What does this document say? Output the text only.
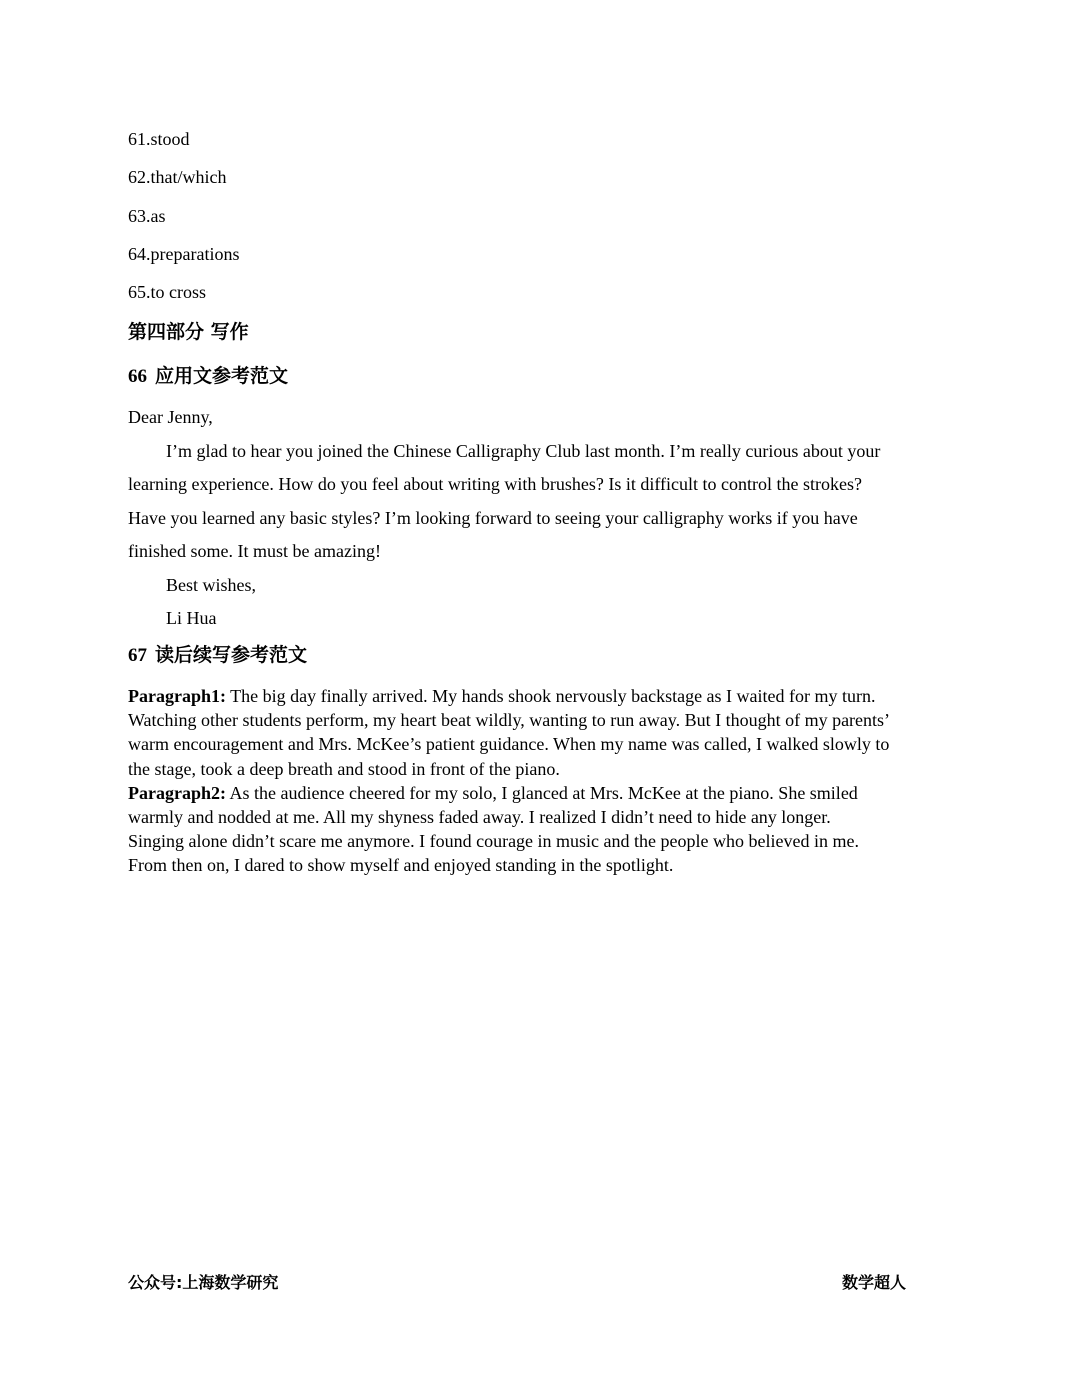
61.stood
62.that/which
63.as
64.preparations
65.to cross
第四部分 写作
66 应用文参考范文

Dear Jenny,

I’m glad to hear you joined the Chinese Calligraphy Club last month. I’m really curious about your

learning experience. How do you feel about writing with brushes? Is it difficult to control the strokes?

Have you learned any basic styles? I’m looking forward to seeing your calligraphy works if you have

finished some. It must be amazing!

Best wishes,

Li Hua

67 读后续写参考范文

Paragraph1: The big day finally arrived. My hands shook nervously backstage as I waited for my turn.

Watching other students perform, my heart beat wildly, wanting to run away. But I thought of my parents’

warm encouragement and Mrs. McKee’s patient guidance. When my name was called, I walked slowly to

the stage, took a deep breath and stood in front of the piano.

Paragraph2: As the audience cheered for my solo, I glanced at Mrs. McKee at the piano. She smiled

warmly and nodded at me. All my shyness faded away. I realized I didn’t need to hide any longer.

Singing alone didn’t scare me anymore. I found courage in music and the people who believed in me.

From then on, I dared to show myself and enjoyed standing in the spotlight.

公众号:上海数学研究	数学超人
